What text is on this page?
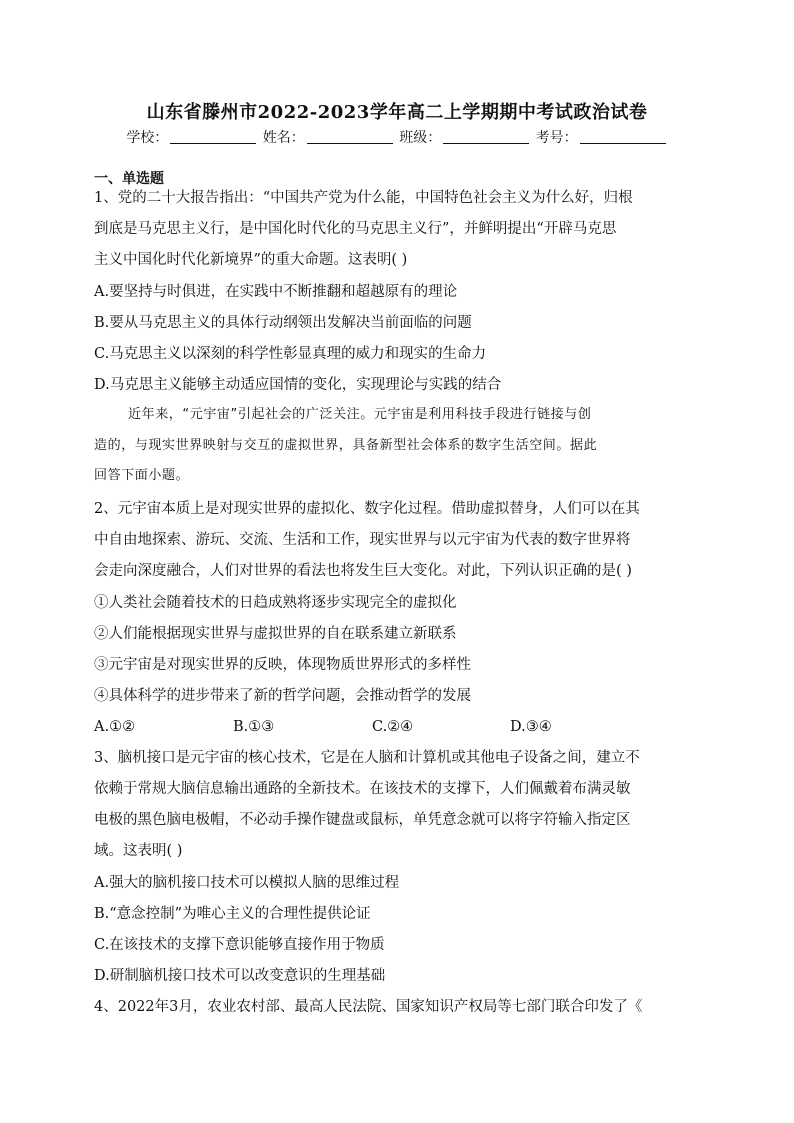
山东省滕州市2022-2023学年高二上学期期中考试政治试卷
学校：	姓名：	班级：	考号：
一、单选题
1、党的二十大报告指出：“中国共产党为什么能，中国特色社会主义为什么好，归根
到底是马克思主义行，是中国化时代化的马克思主义行”，并鲜明提出“开辟马克思
主义中国化时代化新境界”的重大命题。这表明( )
A.要坚持与时俱进，在实践中不断推翻和超越原有的理论
B.要从马克思主义的具体行动纲领出发解决当前面临的问题
C.马克思主义以深刻的科学性彰显真理的威力和现实的生命力
D.马克思主义能够主动适应国情的变化，实现理论与实践的结合
近年来，“元宇宙”引起社会的广泛关注。元宇宙是利用科技手段进行链接与创
造的，与现实世界映射与交互的虚拟世界，具备新型社会体系的数字生活空间。据此
回答下面小题。
2、元宇宙本质上是对现实世界的虚拟化、数字化过程。借助虚拟替身，人们可以在其
中自由地探索、游玩、交流、生活和工作，现实世界与以元宇宙为代表的数字世界将
会走向深度融合，人们对世界的看法也将发生巨大变化。对此，下列认识正确的是( )
①人类社会随着技术的日趋成熟将逐步实现完全的虚拟化
②人们能根据现实世界与虚拟世界的自在联系建立新联系
③元宇宙是对现实世界的反映，体现物质世界形式的多样性
④具体科学的进步带来了新的哲学问题，会推动哲学的发展
A.①②	B.①③	C.②④	D.③④
3、脑机接口是元宇宙的核心技术，它是在人脑和计算机或其他电子设备之间，建立不
依赖于常规大脑信息输出通路的全新技术。在该技术的支撑下，人们佩戴着布满灵敏
电极的黑色脑电极帽，不必动手操作键盘或鼠标，单凭意念就可以将字符输入指定区
域。这表明( )
A.强大的脑机接口技术可以模拟人脑的思维过程
B.“意念控制”为唯心主义的合理性提供论证
C.在该技术的支撑下意识能够直接作用于物质
D.研制脑机接口技术可以改变意识的生理基础
4、2022年3月，农业农村部、最高人民法院、国家知识产权局等七部门联合印发了《
